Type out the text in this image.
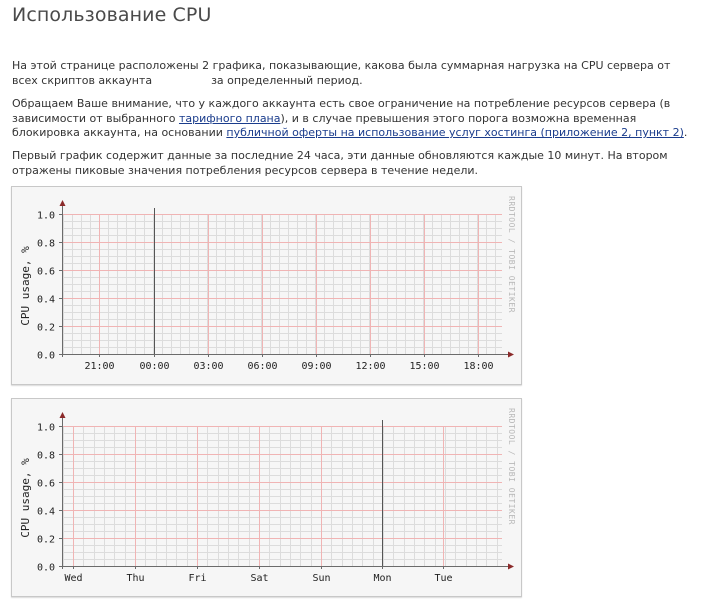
Использование CPU

На этой странице расположены 2 графика, показывающие, какова была суммарная нагрузка на CPU сервера от всех скриптов аккаунта	за определенный период.

Обращаем Ваше внимание, что у каждого аккаунта есть свое ограничение на потребление ресурсов сервера (в зависимости от выбранного тарифного плана), и в случае превышения этого порога возможна временная блокировка аккаунта, на основании публичной оферты на использование услуг хостинга (приложение 2, пункт 2).

Первый график содержит данные за последние 24 часа, эти данные обновляются каждые 10 минут. На втором отражены пиковые значения потребления ресурсов сервера в течение недели.

0.0
0.2
0.4
0.6
0.8
1.0
21:00 00:00 03:00 06:00 09:00 12:00 15:00 18:00
CPU usage, %	RRDTOOL / TOBI OETIKER
0.0
0.2
0.4
0.6
0.8
1.0
Wed	Thu	Fri	Sat	Sun	Mon	Tue
CPU usage, %	RRDTOOL / TOBI OETIKER
